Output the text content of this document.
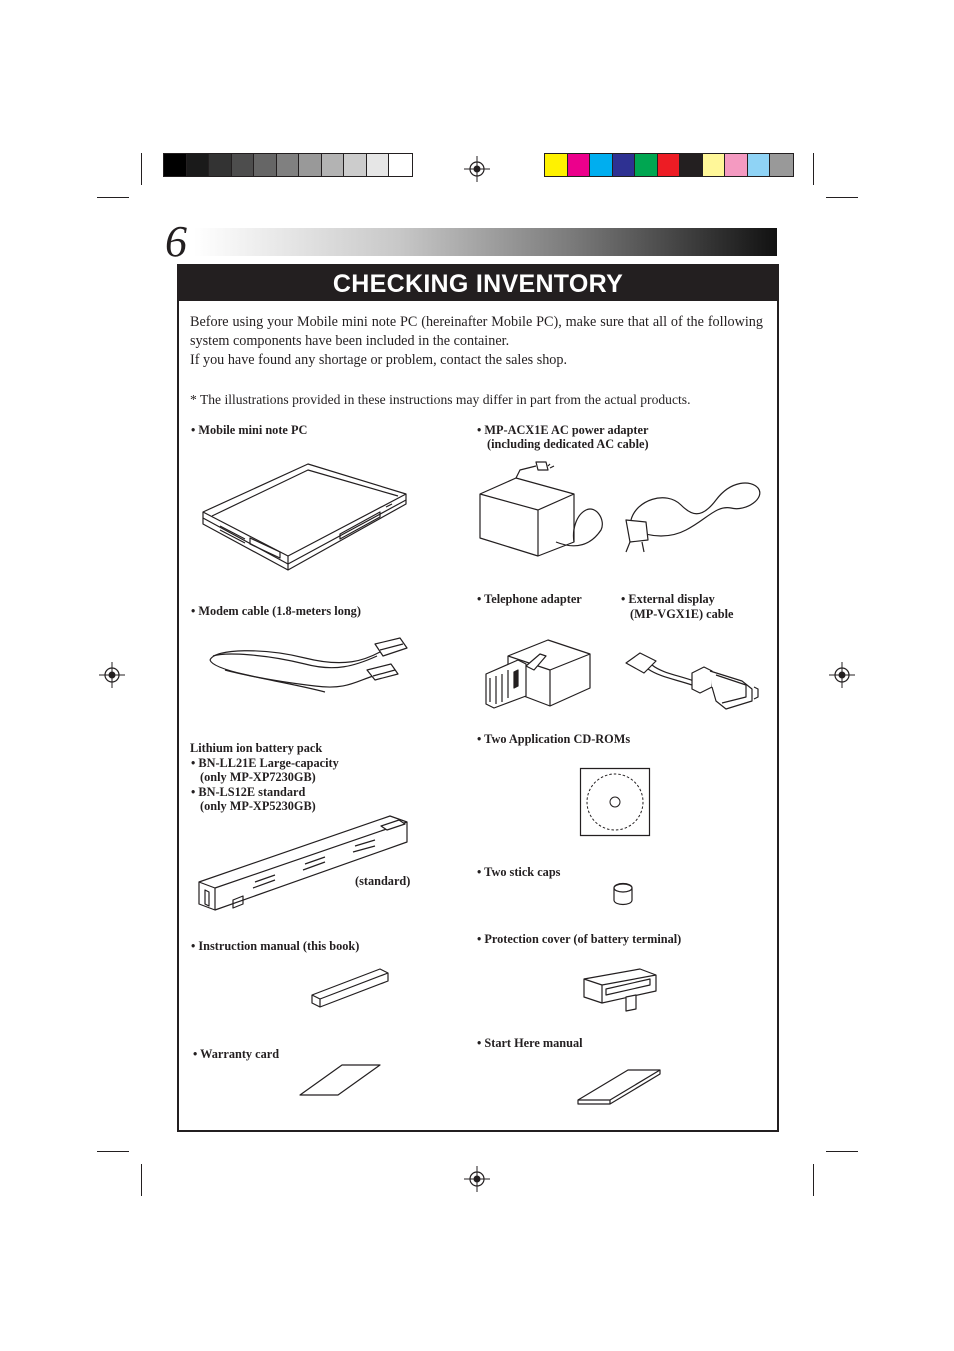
6
CHECKING INVENTORY
Before using your Mobile mini note PC (hereinafter Mobile PC), make sure that all of the following system components have been included in the container.
If you have found any shortage or problem, contact the sales shop.
* The illustrations provided in these instructions may differ in part from the actual products.
• Mobile mini note PC
• Modem cable (1.8-meters long)
Lithium ion battery pack
• BN-LL21E Large-capacity
(only MP-XP7230GB)
• BN-LS12E standard
(only MP-XP5230GB)
(standard)
• Instruction manual (this book)
• Warranty card
• MP-ACX1E AC power adapter
(including dedicated AC cable)
• Telephone adapter	• External display
(MP-VGX1E) cable
• Two Application CD-ROMs
• Two stick caps
• Protection cover (of battery terminal)
• Start Here manual
